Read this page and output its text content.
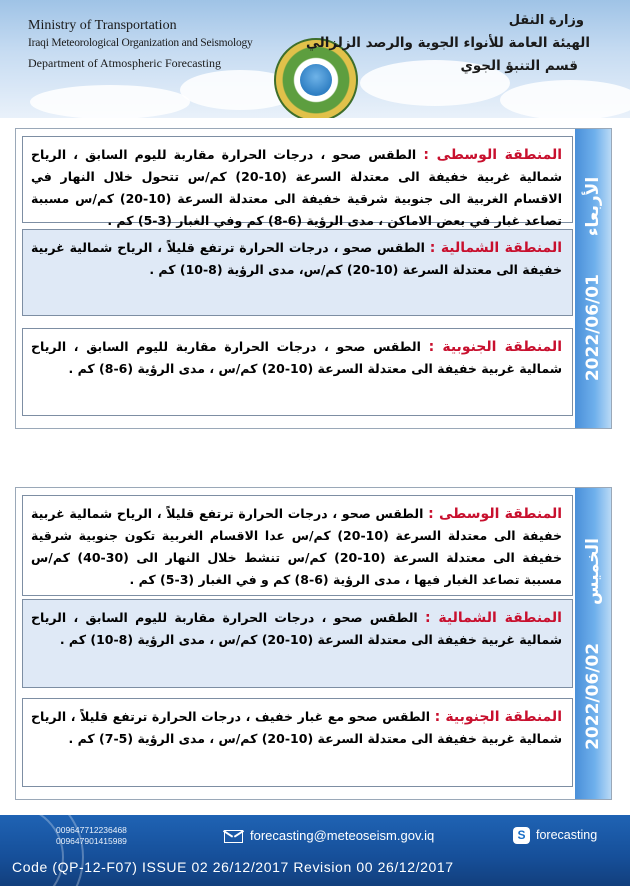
Ministry of Transportation
Iraqi Meteorological Organization and Seismology
Department of Atmospheric Forecasting
وزارة النقل
الهيئة العامة للأنواء الجوية والرصد الزلزالي
قسم التنبؤ الجوي
المنطقة الوسطى : الطقس صحو ، درجات الحرارة مقاربة لليوم السابق ، الرياح شمالية غربية خفيفة الى معتدلة السرعة (10-20) كم/س تتحول خلال النهار في الاقسام الغربية الى جنوبية شرقية خفيفة الى معتدلة السرعة (10-20) كم/س مسببة تصاعد غبار في بعض الاماكن ، مدى الرؤية (6-8) كم وفي الغبار (3-5) كم .
المنطقة الشمالية : الطقس صحو ، درجات الحرارة ترتفع قليلاً ، الرياح شمالية غربية خفيفة الى معتدلة السرعة (10-20) كم/س، مدى الرؤية (8-10) كم .
المنطقة الجنوبية : الطقس صحو ، درجات الحرارة مقاربة لليوم السابق ، الرياح شمالية غربية خفيفة الى معتدلة السرعة (10-20) كم/س ، مدى الرؤية (6-8) كم .	2022/06/01 الأربعاء
المنطقة الوسطى : الطقس صحو ، درجات الحرارة ترتفع قليلاً ، الرياح شمالية غربية خفيفة الى معتدلة السرعة (10-20) كم/س عدا الاقسام الغربية تكون جنوبية شرقية خفيفة الى معتدلة السرعة (10-20) كم/س تنشط خلال النهار الى (30-40) كم/س مسببة تصاعد الغبار فيها ، مدى الرؤية (6-8) كم و في الغبار (3-5) كم .
المنطقة الشمالية : الطقس صحو ، درجات الحرارة مقاربة لليوم السابق ، الرياح شمالية غربية خفيفة الى معتدلة السرعة (10-20) كم/س ، مدى الرؤية (8-10) كم .
المنطقة الجنوبية : الطقس صحو مع غبار خفيف ، درجات الحرارة ترتفع قليلاً ، الرياح شمالية غربية خفيفة الى معتدلة السرعة (10-20) كم/س ، مدى الرؤية (5-7) كم .	2022/06/02 الخميس
009647712236468
009647901415989	forecasting@meteoseism.gov.iq	S forecasting
Code (QP-12-F07) ISSUE 02 26/12/2017 Revision 00 26/12/2017
